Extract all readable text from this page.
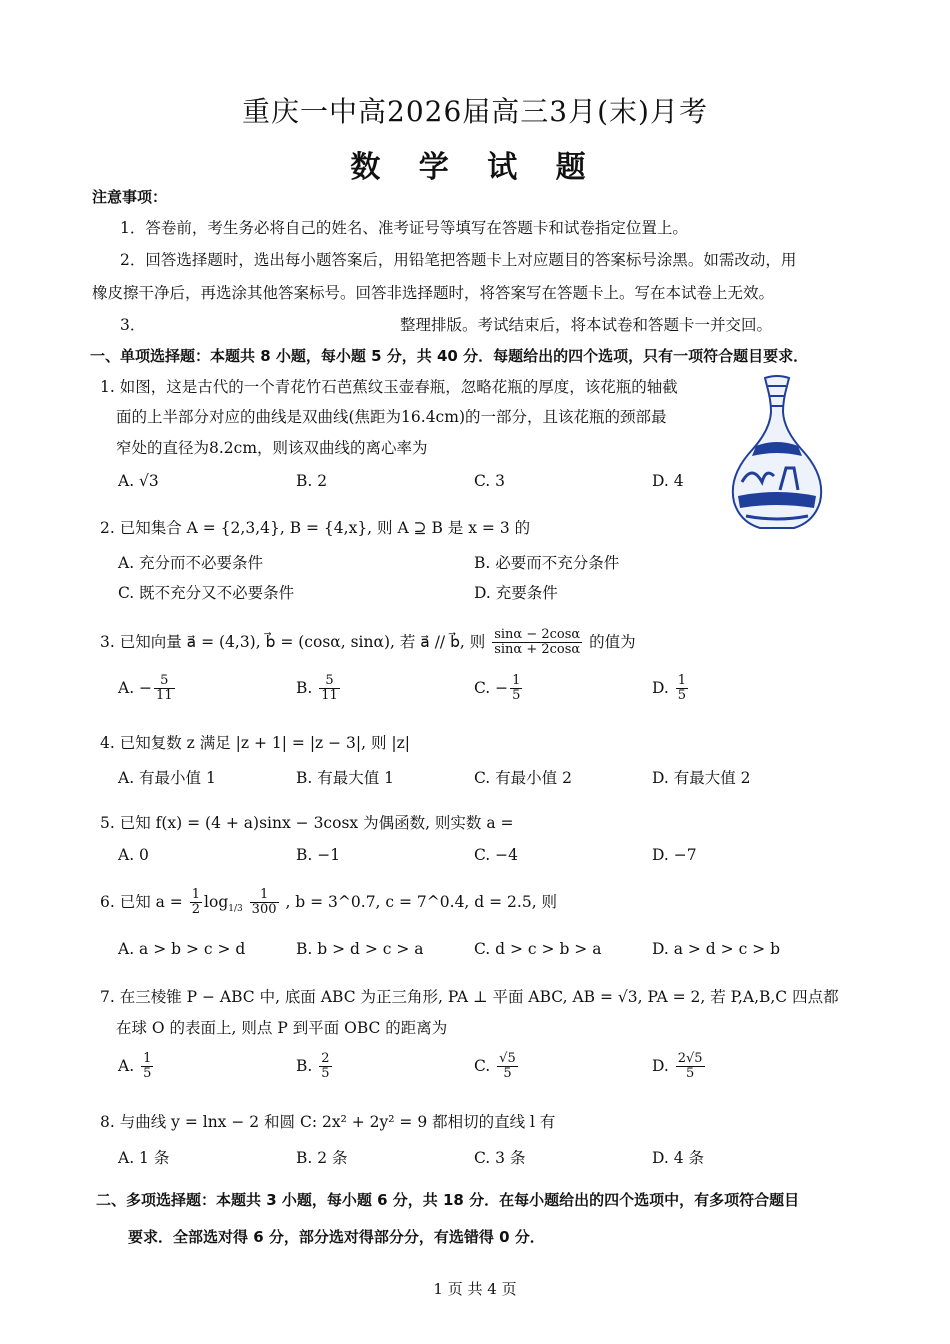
重庆一中高2026届高三3月(末)月考
数 学 试 题
注意事项：
1．答卷前，考生务必将自己的姓名、准考证号等填写在答题卡和试卷指定位置上。
2．回答选择题时，选出每小题答案后，用铅笔把答题卡上对应题目的答案标号涂黑。如需改动，用
橡皮擦干净后，再选涂其他答案标号。回答非选择题时，将答案写在答题卡上。写在本试卷上无效。
3．	整理排版。考试结束后，将本试卷和答题卡一并交回。
一、单项选择题：本题共 8 小题，每小题 5 分，共 40 分．每题给出的四个选项，只有一项符合题目要求．
1. 如图，这是古代的一个青花竹石芭蕉纹玉壶春瓶，忽略花瓶的厚度，该花瓶的轴截
面的上半部分对应的曲线是双曲线(焦距为16.4cm)的一部分，且该花瓶的颈部最
窄处的直径为8.2cm，则该双曲线的离心率为
A. √3	B. 2	C. 3	D. 4
2. 已知集合 A = {2,3,4}, B = {4,x}, 则 A ⊇ B 是 x = 3 的
A. 充分而不必要条件	B. 必要而不充分条件
C. 既不充分又不必要条件	D. 充要条件
3. 已知向量 a⃗ = (4,3), b⃗ = (cosα, sinα), 若 a⃗ // b⃗, 则 $\frac{\sin\alpha - 2\cos\alpha}{\sin\alpha + 2\cos\alpha}$ 的值为
A. − $\frac{5}{11}$	B. $\frac{5}{11}$	C. − $\frac{1}{5}$	D. $\frac{1}{5}$
4. 已知复数 z 满足 |z + 1| = |z − 3|, 则 |z|
A. 有最小值 1	B. 有最大值 1	C. 有最小值 2	D. 有最大值 2
5. 已知 f(x) = (4 + a)sinx − 3cosx 为偶函数, 则实数 a =
A. 0	B. −1	C. −4	D. −7
6. 已知 $a = \frac{1}{2} \log_{1/3} \frac{1}{300}$ , b = 3^0.7, c = 7^0.4, d = 2.5, 则
A. a > b > c > d	B. b > d > c > a	C. d > c > b > a	D. a > d > c > b
7. 在三棱锥 P − ABC 中, 底面 ABC 为正三角形, PA ⊥ 平面 ABC, AB = √3, PA = 2, 若 P,A,B,C 四点都
在球 O 的表面上, 则点 P 到平面 OBC 的距离为
A. $\frac{1}{5}$	B. $\frac{2}{5}$	C. $\frac{√5}{5}$	D. $\frac{2√5}{5}$
8. 与曲线 y = lnx − 2 和圆 C: 2x² + 2y² = 9 都相切的直线 l 有
A. 1 条	B. 2 条	C. 3 条	D. 4 条
二、多项选择题：本题共 3 小题，每小题 6 分，共 18 分．在每小题给出的四个选项中，有多项符合题目
要求．全部选对得 6 分，部分选对得部分分，有选错得 0 分．
1 页 共 4 页
